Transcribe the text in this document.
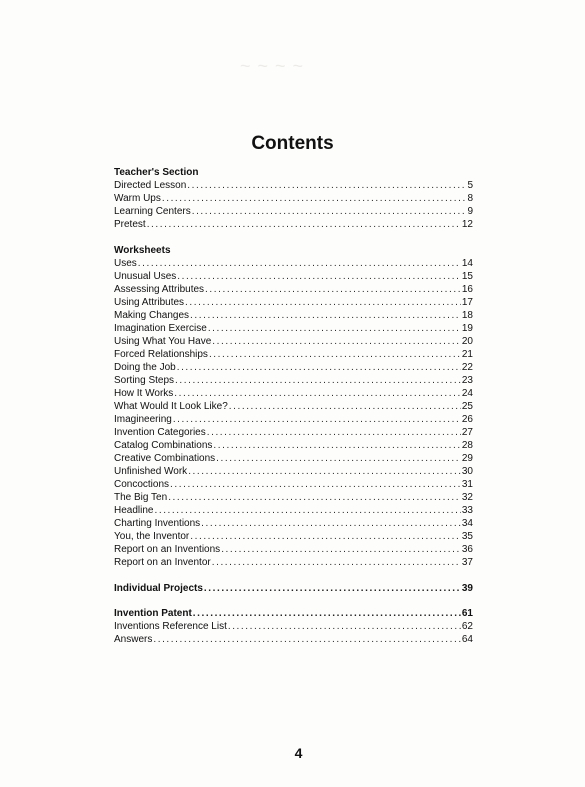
~ ~ ~ ~
Contents
Teacher's Section
Directed Lesson . . .	5
Warm Ups . . .	8
Learning Centers . . .	9
Pretest . . .	12
Worksheets
Uses . . .	14
Unusual Uses . . .	15
Assessing Attributes . . .	16
Using Attributes . . .	17
Making Changes . . .	18
Imagination Exercise . . .	19
Using What You Have . . .	20
Forced Relationships . . .	21
Doing the Job . . .	22
Sorting Steps . . .	23
How It Works . . .	24
What Would It Look Like? . . .	25
Imagineering . . .	26
Invention Categories . . .	27
Catalog Combinations . . .	28
Creative Combinations . . .	29
Unfinished Work . . .	30
Concoctions . . .	31
The Big Ten . . .	32
Headline . . .	33
Charting Inventions . . .	34
You, the Inventor . . .	35
Report on an Inventions . . .	36
Report on an Inventor . . .	37
Individual Projects . . .	39
Invention Patent . . .	61
Inventions Reference List . . .	62
Answers . . .	64
4
